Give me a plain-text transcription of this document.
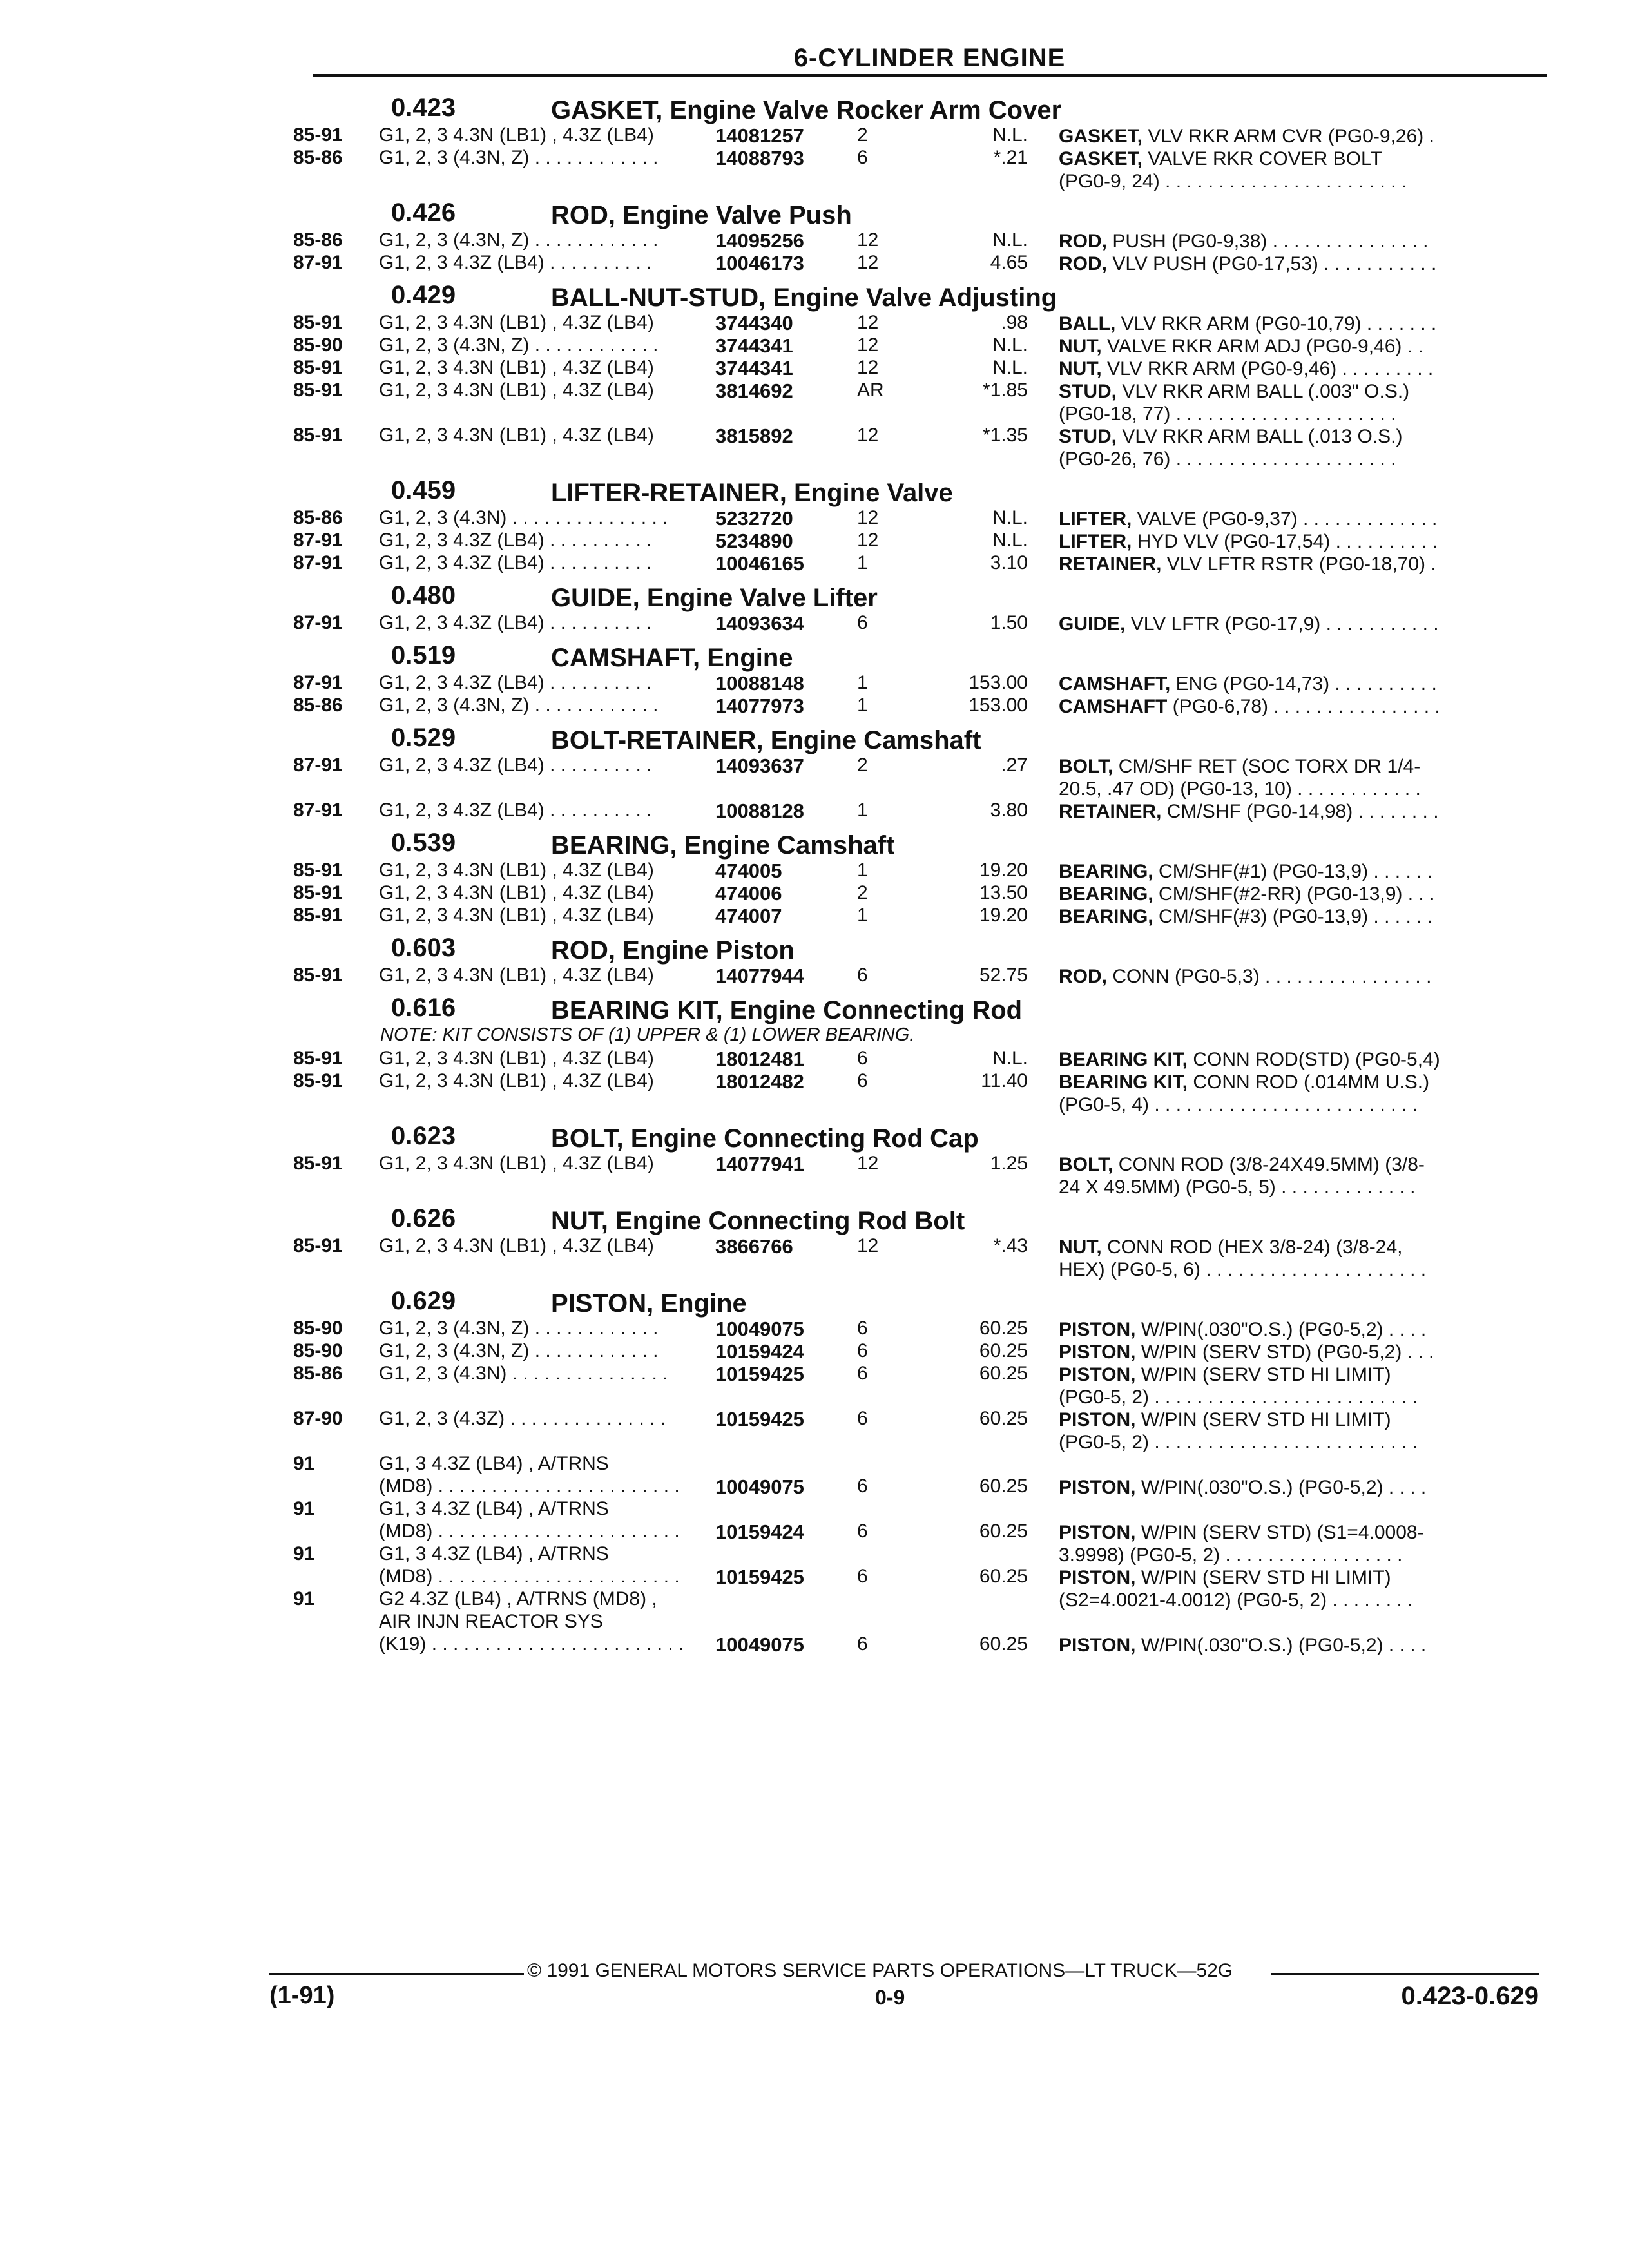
6-CYLINDER ENGINE
0.423	GASKET, Engine Valve Rocker Arm Cover
85-91	G1, 2, 3 4.3N (LB1) , 4.3Z (LB4)	14081257	2	N.L. GASKET, VLV RKR ARM CVR (PG0-9,26) .
85-86	G1, 2, 3 (4.3N, Z) . . . . . . . . . . . .	14088793	6	*.21 GASKET, VALVE RKR COVER BOLT
(PG0-9, 24) . . . . . . . . . . . . . . . . . . . . . . .
0.426	ROD, Engine Valve Push
85-86	G1, 2, 3 (4.3N, Z) . . . . . . . . . . . .	14095256	12	N.L. ROD, PUSH (PG0-9,38) . . . . . . . . . . . . . . .
87-91	G1, 2, 3 4.3Z (LB4) . . . . . . . . . .	10046173	12	4.65 ROD, VLV PUSH (PG0-17,53) . . . . . . . . . . .
0.429	BALL-NUT-STUD, Engine Valve Adjusting
85-91	G1, 2, 3 4.3N (LB1) , 4.3Z (LB4)	3744340	12	.98 BALL, VLV RKR ARM (PG0-10,79) . . . . . . .
85-90	G1, 2, 3 (4.3N, Z) . . . . . . . . . . . .	3744341	12	N.L. NUT, VALVE RKR ARM ADJ (PG0-9,46) . .
85-91	G1, 2, 3 4.3N (LB1) , 4.3Z (LB4)	3744341	12	N.L. NUT, VLV RKR ARM (PG0-9,46) . . . . . . . . .
85-91	G1, 2, 3 4.3N (LB1) , 4.3Z (LB4)	3814692	AR	*1.85 STUD, VLV RKR ARM BALL (.003" O.S.)
(PG0-18, 77) . . . . . . . . . . . . . . . . . . . . .
85-91	G1, 2, 3 4.3N (LB1) , 4.3Z (LB4)	3815892	12	*1.35 STUD, VLV RKR ARM BALL (.013 O.S.)
(PG0-26, 76) . . . . . . . . . . . . . . . . . . . . .
0.459	LIFTER-RETAINER, Engine Valve
85-86	G1, 2, 3 (4.3N) . . . . . . . . . . . . . . .	5232720	12	N.L. LIFTER, VALVE (PG0-9,37) . . . . . . . . . . . . .
87-91	G1, 2, 3 4.3Z (LB4) . . . . . . . . . .	5234890	12	N.L. LIFTER, HYD VLV (PG0-17,54) . . . . . . . . . .
87-91	G1, 2, 3 4.3Z (LB4) . . . . . . . . . .	10046165	1	3.10 RETAINER, VLV LFTR RSTR (PG0-18,70) .
0.480	GUIDE, Engine Valve Lifter
87-91	G1, 2, 3 4.3Z (LB4) . . . . . . . . . .	14093634	6	1.50 GUIDE, VLV LFTR (PG0-17,9) . . . . . . . . . . .
0.519	CAMSHAFT, Engine
87-91	G1, 2, 3 4.3Z (LB4) . . . . . . . . . .	10088148	1	153.00 CAMSHAFT, ENG (PG0-14,73) . . . . . . . . . .
85-86	G1, 2, 3 (4.3N, Z) . . . . . . . . . . . .	14077973	1	153.00 CAMSHAFT (PG0-6,78) . . . . . . . . . . . . . . . .
0.529	BOLT-RETAINER, Engine Camshaft
87-91	G1, 2, 3 4.3Z (LB4) . . . . . . . . . .	14093637	2	.27 BOLT, CM/SHF RET (SOC TORX DR 1/4-
20.5, .47 OD) (PG0-13, 10) . . . . . . . . . . . .
87-91	G1, 2, 3 4.3Z (LB4) . . . . . . . . . .	10088128	1	3.80 RETAINER, CM/SHF (PG0-14,98) . . . . . . . .
0.539	BEARING, Engine Camshaft
85-91	G1, 2, 3 4.3N (LB1) , 4.3Z (LB4)	474005	1	19.20 BEARING, CM/SHF(#1) (PG0-13,9) . . . . . .
85-91	G1, 2, 3 4.3N (LB1) , 4.3Z (LB4)	474006	2	13.50 BEARING, CM/SHF(#2-RR) (PG0-13,9) . . .
85-91	G1, 2, 3 4.3N (LB1) , 4.3Z (LB4)	474007	1	19.20 BEARING, CM/SHF(#3) (PG0-13,9) . . . . . .
0.603	ROD, Engine Piston
85-91	G1, 2, 3 4.3N (LB1) , 4.3Z (LB4)	14077944	6	52.75 ROD, CONN (PG0-5,3) . . . . . . . . . . . . . . . .
0.616	BEARING KIT, Engine Connecting Rod
NOTE: KIT CONSISTS OF (1) UPPER & (1) LOWER BEARING.
85-91	G1, 2, 3 4.3N (LB1) , 4.3Z (LB4)	18012481	6	N.L. BEARING KIT, CONN ROD(STD) (PG0-5,4)
85-91	G1, 2, 3 4.3N (LB1) , 4.3Z (LB4)	18012482	6	11.40 BEARING KIT, CONN ROD (.014MM U.S.)
(PG0-5, 4) . . . . . . . . . . . . . . . . . . . . . . . . .
0.623	BOLT, Engine Connecting Rod Cap
85-91	G1, 2, 3 4.3N (LB1) , 4.3Z (LB4)	14077941	12	1.25 BOLT, CONN ROD (3/8-24X49.5MM) (3/8-
24 X 49.5MM) (PG0-5, 5) . . . . . . . . . . . . .
0.626	NUT, Engine Connecting Rod Bolt
85-91	G1, 2, 3 4.3N (LB1) , 4.3Z (LB4)	3866766	12	*.43 NUT, CONN ROD (HEX 3/8-24) (3/8-24,
HEX) (PG0-5, 6) . . . . . . . . . . . . . . . . . . . . .
0.629	PISTON, Engine
85-90	G1, 2, 3 (4.3N, Z) . . . . . . . . . . . .	10049075	6	60.25 PISTON, W/PIN(.030"O.S.) (PG0-5,2) . . . .
85-90	G1, 2, 3 (4.3N, Z) . . . . . . . . . . . .	10159424	6	60.25 PISTON, W/PIN (SERV STD) (PG0-5,2) . . .
85-86	G1, 2, 3 (4.3N) . . . . . . . . . . . . . . .	10159425	6	60.25 PISTON, W/PIN (SERV STD HI LIMIT)
(PG0-5, 2) . . . . . . . . . . . . . . . . . . . . . . . . .
87-90	G1, 2, 3 (4.3Z) . . . . . . . . . . . . . . .	10159425	6	60.25 PISTON, W/PIN (SERV STD HI LIMIT)
(PG0-5, 2) . . . . . . . . . . . . . . . . . . . . . . . . .
91	G1, 3 4.3Z (LB4) , A/TRNS
(MD8) . . . . . . . . . . . . . . . . . . . . . . .	10049075	6	60.25 PISTON, W/PIN(.030"O.S.) (PG0-5,2) . . . .
91	G1, 3 4.3Z (LB4) , A/TRNS
(MD8) . . . . . . . . . . . . . . . . . . . . . . .	10159424	6	60.25 PISTON, W/PIN (SERV STD) (S1=4.0008-
3.9998) (PG0-5, 2) . . . . . . . . . . . . . . . . .
91	G1, 3 4.3Z (LB4) , A/TRNS
(MD8) . . . . . . . . . . . . . . . . . . . . . . .	10159425	6	60.25 PISTON, W/PIN (SERV STD HI LIMIT)
(S2=4.0021-4.0012) (PG0-5, 2) . . . . . . . .
91	G2 4.3Z (LB4) , A/TRNS (MD8) ,
AIR INJN REACTOR SYS
(K19) . . . . . . . . . . . . . . . . . . . . . . . .	10049075	6	60.25 PISTON, W/PIN(.030"O.S.) (PG0-5,2) . . . .
© 1991 GENERAL MOTORS SERVICE PARTS OPERATIONS—LT TRUCK—52G
(1-91)	0-9	0.423-0.629
